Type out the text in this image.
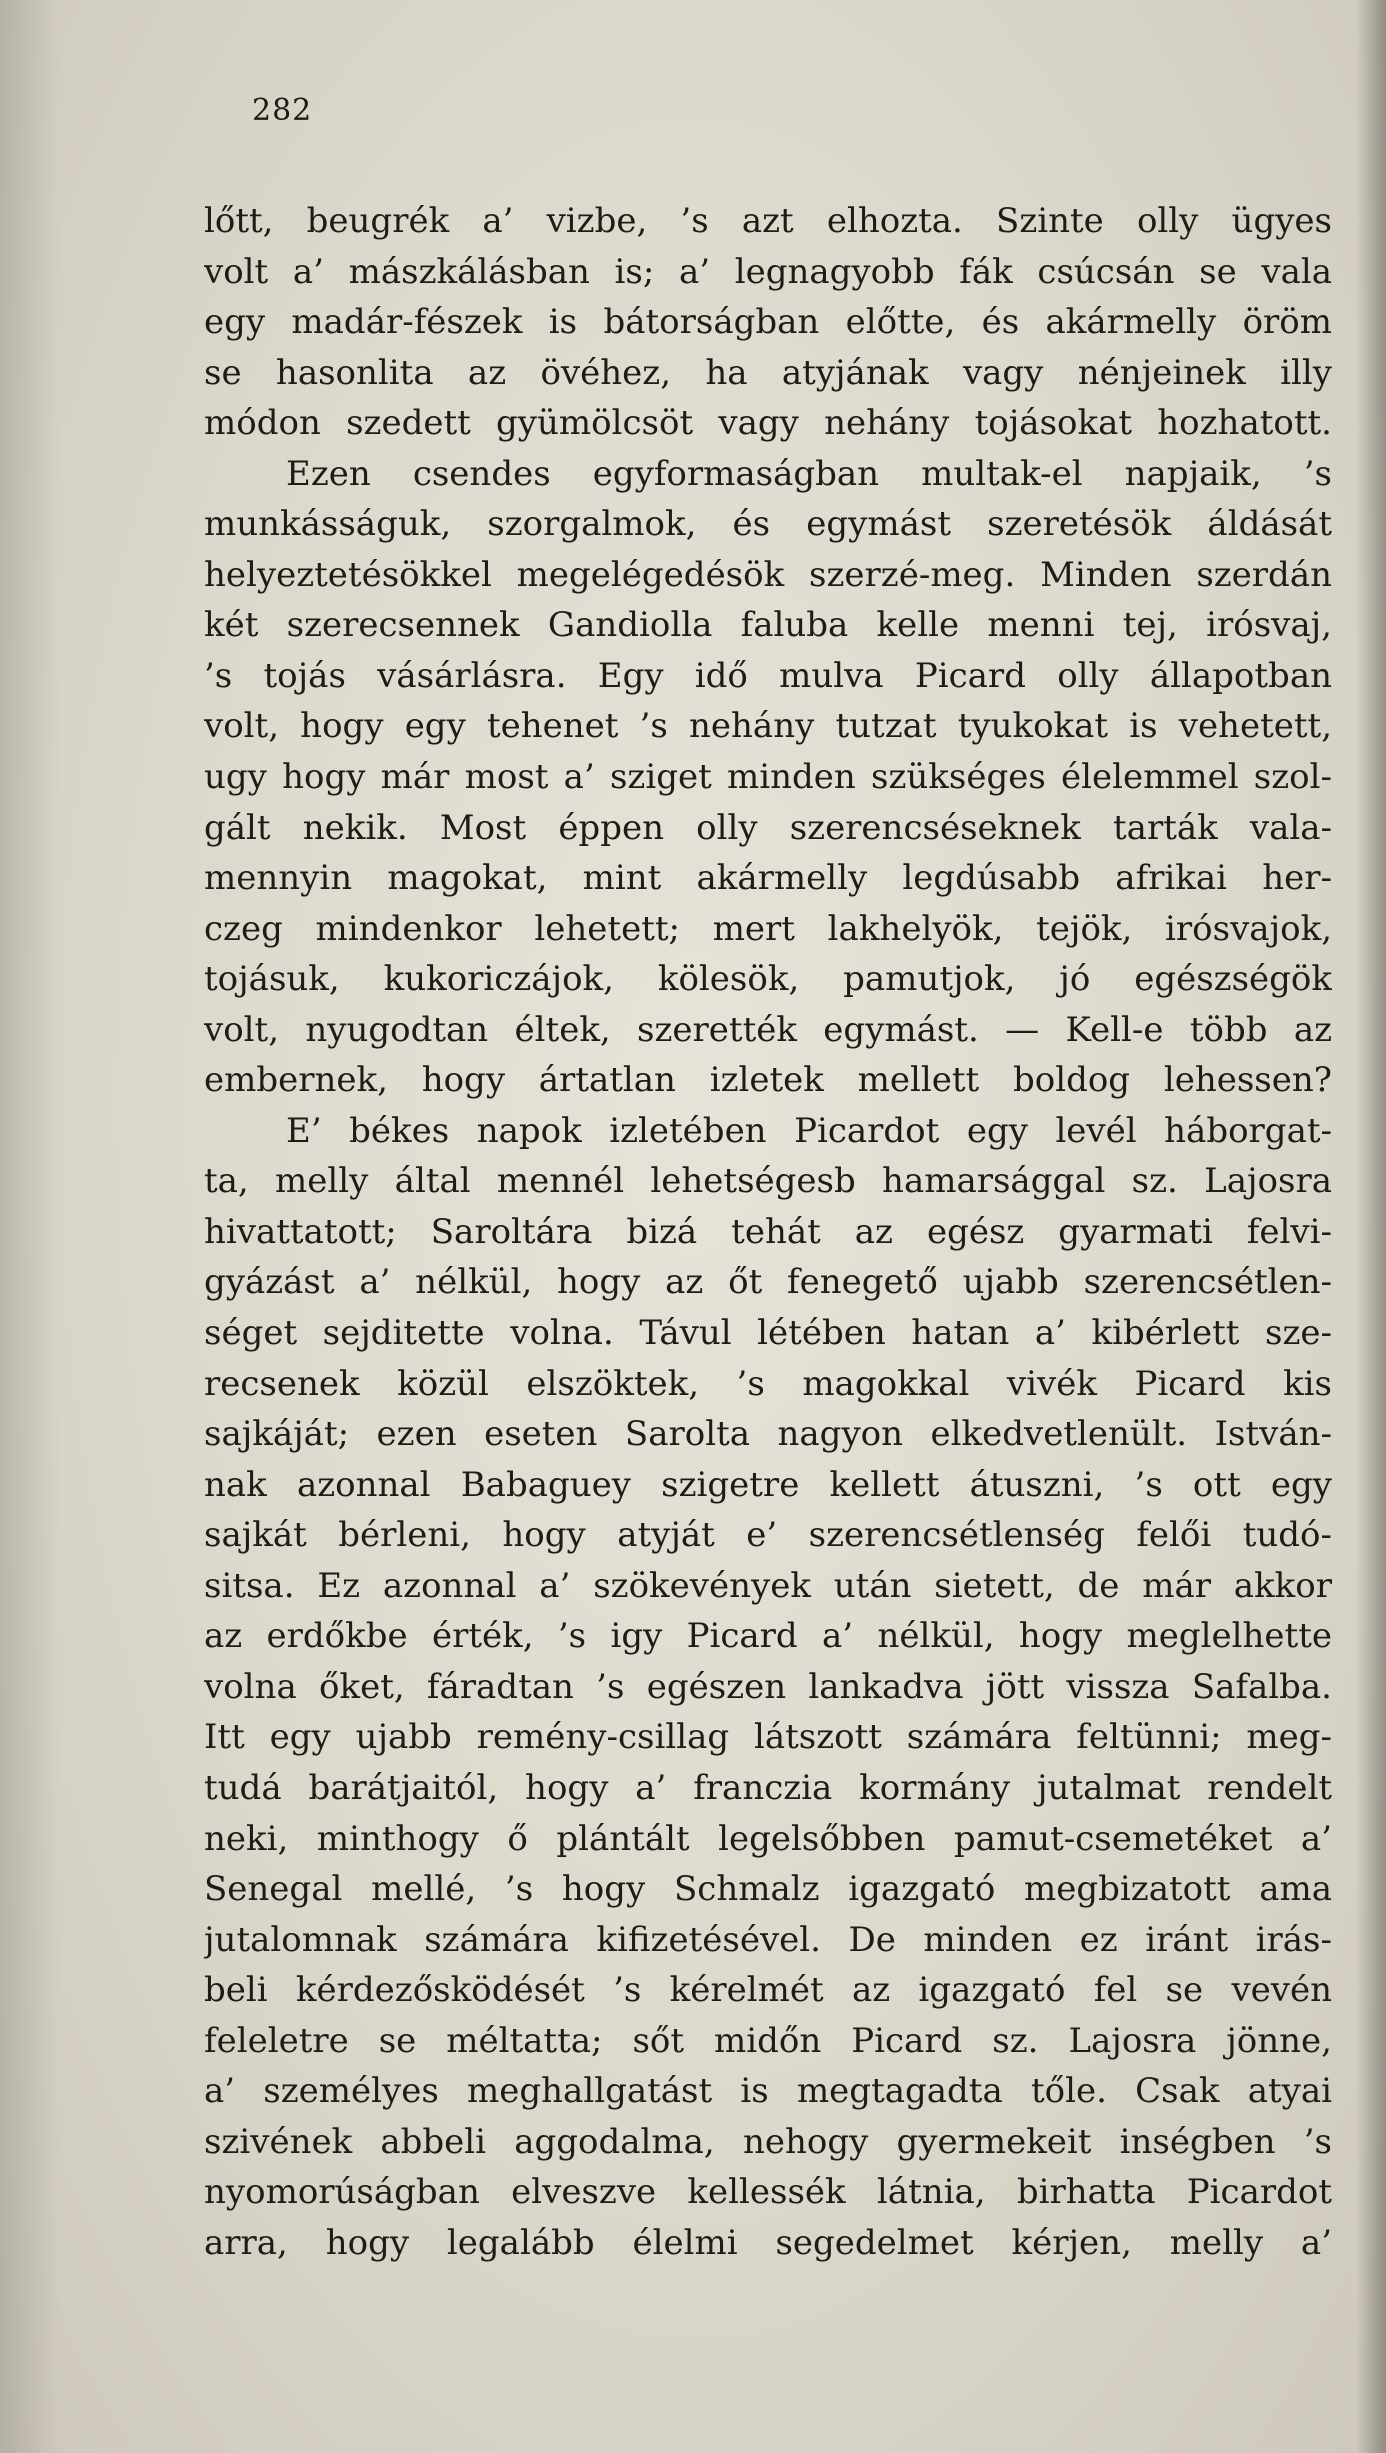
282
lőtt, beugrék a’ vizbe, ’s azt elhozta. Szinte olly ügyes
volt a’ mászkálásban is; a’ legnagyobb fák csúcsán se vala
egy madár-fészek is bátorságban előtte, és akármelly öröm
se hasonlita az övéhez, ha atyjának vagy nénjeinek illy
módon szedett gyümölcsöt vagy nehány tojásokat hozhatott.
Ezen csendes egyformaságban multak-el napjaik, ’s
munkásságuk, szorgalmok, és egymást szeretésök áldását
helyeztetésökkel megelégedésök szerzé-meg. Minden szerdán
két szerecsennek Gandiolla faluba kelle menni tej, irósvaj,
’s tojás vásárlásra. Egy idő mulva Picard olly állapotban
volt, hogy egy tehenet ’s nehány tutzat tyukokat is vehetett,
ugy hogy már most a’ sziget minden szükséges élelemmel szol-
gált nekik. Most éppen olly szerencséseknek tarták vala-
mennyin magokat, mint akármelly legdúsabb afrikai her-
czeg mindenkor lehetett; mert lakhelyök, tejök, irósvajok,
tojásuk, kukoriczájok, kölesök, pamutjok, jó egészségök
volt, nyugodtan éltek, szerették egymást. — Kell-e több az
embernek, hogy ártatlan izletek mellett boldog lehessen?
E’ békes napok izletében Picardot egy levél háborgat-
ta, melly által mennél lehetségesb hamarsággal sz. Lajosra
hivattatott; Saroltára bizá tehát az egész gyarmati felvi-
gyázást a’ nélkül, hogy az őt fenegető ujabb szerencsétlen-
séget sejditette volna. Távul létében hatan a’ kibérlett sze-
recsenek közül elszöktek, ’s magokkal vivék Picard kis
sajkáját; ezen eseten Sarolta nagyon elkedvetlenült. István-
nak azonnal Babaguey szigetre kellett átuszni, ’s ott egy
sajkát bérleni, hogy atyját e’ szerencsétlenség felői tudó-
sitsa. Ez azonnal a’ szökevények után sietett, de már akkor
az erdőkbe érték, ’s igy Picard a’ nélkül, hogy meglelhette
volna őket, fáradtan ’s egészen lankadva jött vissza Safalba.
Itt egy ujabb remény-csillag látszott számára feltünni; meg-
tudá barátjaitól, hogy a’ franczia kormány jutalmat rendelt
neki, minthogy ő plántált legelsőbben pamut-csemetéket a’
Senegal mellé, ’s hogy Schmalz igazgató megbizatott ama
jutalomnak számára kifizetésével. De minden ez iránt irás-
beli kérdezősködését ’s kérelmét az igazgató fel se vevén
feleletre se méltatta; sőt midőn Picard sz. Lajosra jönne,
a’ személyes meghallgatást is megtagadta tőle. Csak atyai
szivének abbeli aggodalma, nehogy gyermekeit inségben ’s
nyomorúságban elveszve kellessék látnia, birhatta Picardot
arra, hogy legalább élelmi segedelmet kérjen, melly a’
